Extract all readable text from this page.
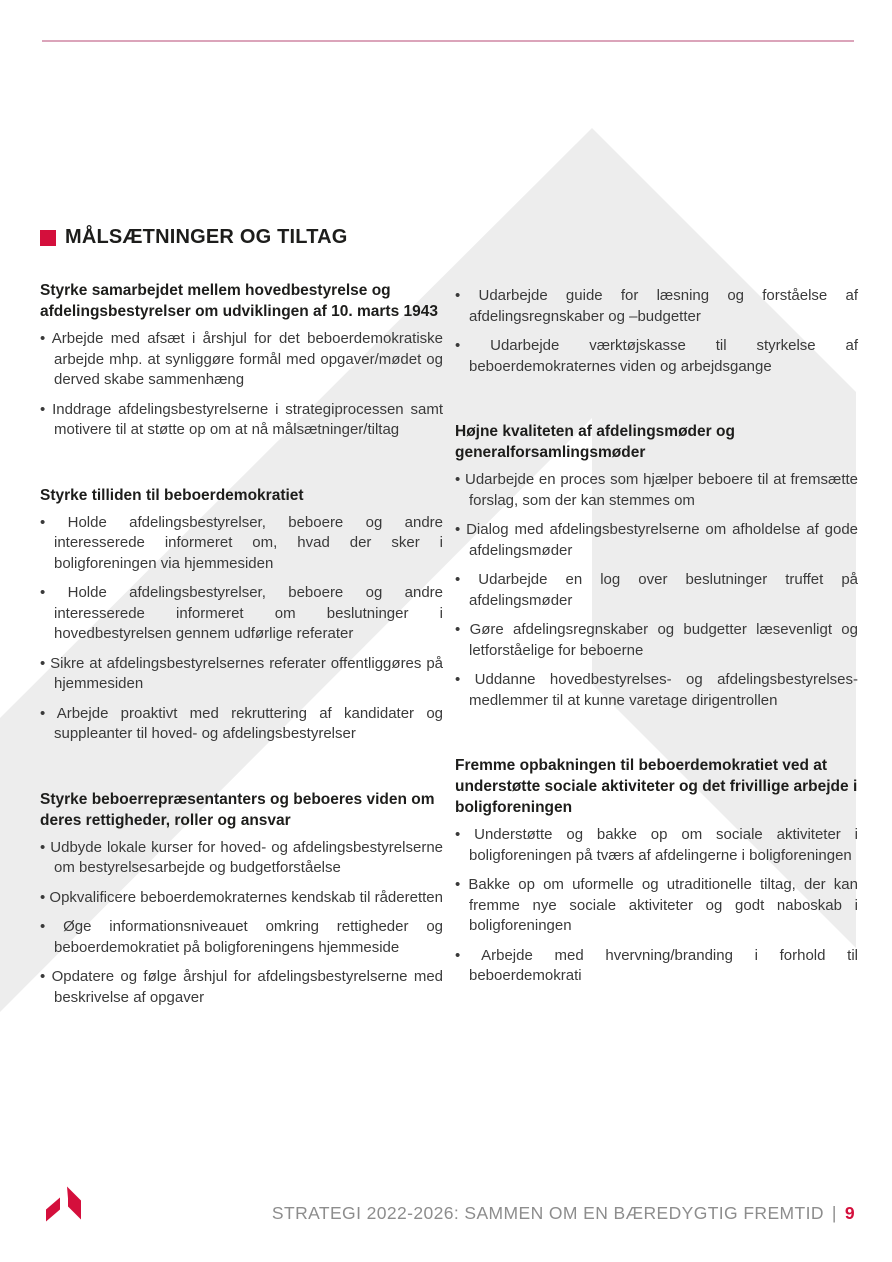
MÅLSÆTNINGER OG TILTAG
Styrke samarbejdet mellem hovedbestyrelse og afdelingsbestyrelser om udviklingen af 10. marts 1943

• Arbejde med afsæt i årshjul for det beboerdemokratiske arbejde mhp. at synliggøre formål med opgaver/mødet og derved skabe sammenhæng

• Inddrage afdelingsbestyrelserne i strategiprocessen samt motivere til at støtte op om at nå målsætninger/tiltag

Styrke tilliden til beboerdemokratiet

• Holde afdelingsbestyrelser, beboere og andre interesserede informeret om, hvad der sker i boligforeningen via hjemmesiden

• Holde afdelingsbestyrelser, beboere og andre interesserede informeret om beslutninger i hovedbestyrelsen gennem udførlige referater

• Sikre at afdelingsbestyrelsernes referater offentliggøres på hjemmesiden

• Arbejde proaktivt med rekruttering af kandidater og suppleanter til hoved- og afdelingsbestyrelser

Styrke beboerrepræsentanters og beboeres viden om deres rettigheder, roller og ansvar

• Udbyde lokale kurser for hoved- og afdelingsbestyrelserne om bestyrelsesarbejde og budgetforståelse

• Opkvalificere beboerdemokraternes kendskab til råderetten

• Øge informationsniveauet omkring rettigheder og beboerdemokratiet på boligforeningens hjemmeside

• Opdatere og følge årshjul for afdelingsbestyrelserne med beskrivelse af opgaver

• Udarbejde guide for læsning og forståelse af afdelingsregnskaber og –budgetter

• Udarbejde værktøjskasse til styrkelse af beboerdemokraternes viden og arbejdsgange

Højne kvaliteten af afdelingsmøder og generalforsamlingsmøder

• Udarbejde en proces som hjælper beboere til at fremsætte forslag, som der kan stemmes om

• Dialog med afdelingsbestyrelserne om afholdelse af gode afdelingsmøder

• Udarbejde en log over beslutninger truffet på afdelingsmøder

• Gøre afdelingsregnskaber og budgetter læsevenligt og letforståelige for beboerne

• Uddanne hovedbestyrelses- og afdelingsbestyrelsesmedlemmer til at kunne varetage dirigentrollen

Fremme opbakningen til beboerdemokratiet ved at understøtte sociale aktiviteter og det frivillige arbejde i boligforeningen

• Understøtte og bakke op om sociale aktiviteter i boligforeningen på tværs af afdelingerne i boligforeningen

• Bakke op om uformelle og utraditionelle tiltag, der kan fremme nye sociale aktiviteter og godt naboskab i boligforeningen

• Arbejde med hvervning/branding i forhold til beboerdemokrati

STRATEGI 2022-2026: SAMMEN OM EN BÆREDYGTIG FREMTID | 9
